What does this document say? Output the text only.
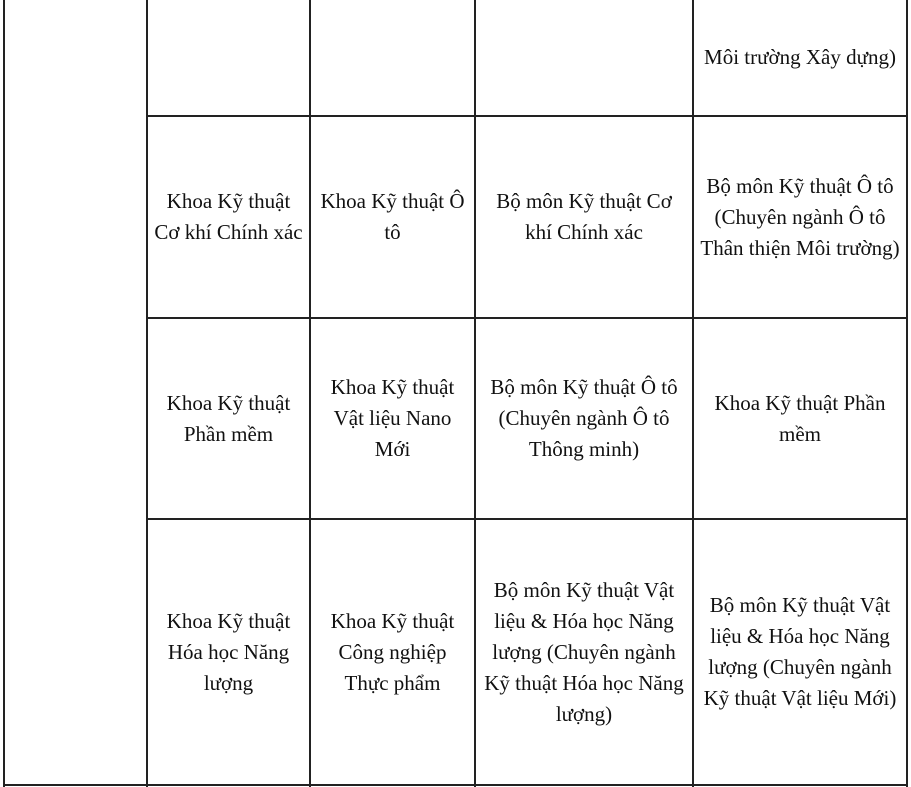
Môi trường Xây dựng)
Khoa Kỹ thuật Cơ khí Chính xác
Khoa Kỹ thuật Ô tô
Bộ môn Kỹ thuật Cơ khí Chính xác
Bộ môn Kỹ thuật Ô tô (Chuyên ngành Ô tô Thân thiện Môi trường)
Khoa Kỹ thuật Phần mềm
Khoa Kỹ thuật Vật liệu Nano Mới
Bộ môn Kỹ thuật Ô tô (Chuyên ngành Ô tô Thông minh)
Khoa Kỹ thuật Phần mềm
Khoa Kỹ thuật Hóa học Năng lượng
Khoa Kỹ thuật Công nghiệp Thực phẩm
Bộ môn Kỹ thuật Vật liệu & Hóa học Năng lượng (Chuyên ngành Kỹ thuật Hóa học Năng lượng)
Bộ môn Kỹ thuật Vật liệu & Hóa học Năng lượng (Chuyên ngành Kỹ thuật Vật liệu Mới)
